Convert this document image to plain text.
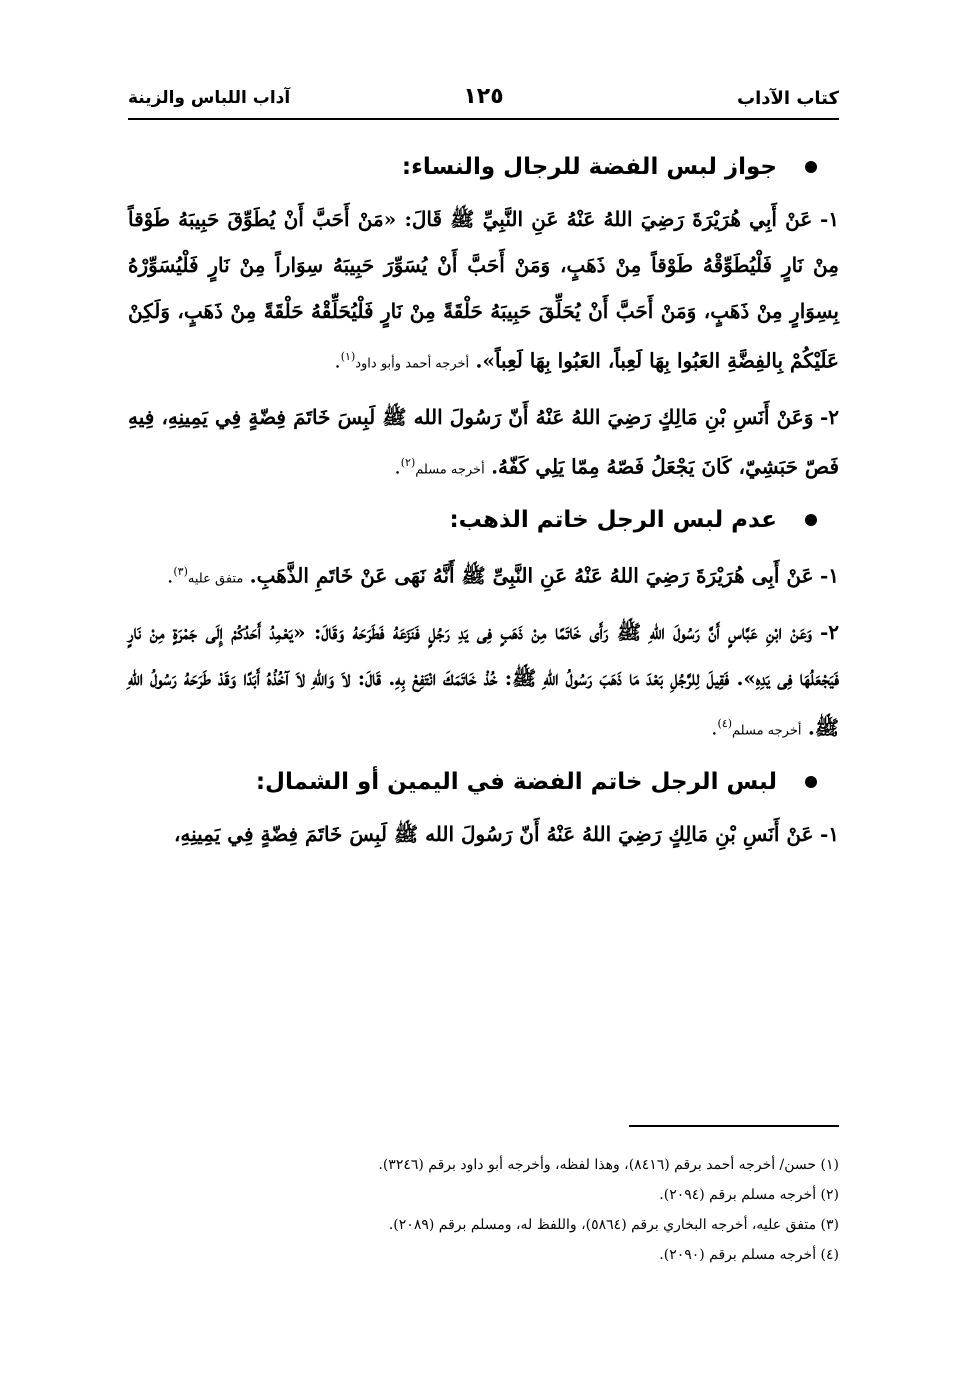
كتاب الآداب
١٢٥
آداب اللباس والزينة
جواز لبس الفضة للرجال والنساء:

١- عَنْ أَبِي هُرَيْرَةَ رَضِيَ اللهُ عَنْهُ عَنِ النَّبِيِّ ﷺ قَالَ: «مَنْ أَحَبَّ أَنْ يُطَوِّقَ حَبِيبَهُ طَوْقاً مِنْ نَارٍ فَلْيُطَوِّقْهُ طَوْقاً مِنْ ذَهَبٍ، وَمَنْ أَحَبَّ أَنْ يُسَوِّرَ حَبِيبَهُ سِوَاراً مِنْ نَارٍ فَلْيُسَوِّرْهُ بِسِوَارٍ مِنْ ذَهَبٍ، وَمَنْ أَحَبَّ أَنْ يُحَلِّقَ حَبِيبَهُ حَلْقَةً مِنْ نَارٍ فَلْيُحَلِّقْهُ حَلْقَةً مِنْ ذَهَبٍ، وَلَكِنْ عَلَيْكُمْ بِالفِضَّةِ العَبُوا بِهَا لَعِباً، العَبُوا بِهَا لَعِباً». أخرجه أحمد وأبو داود$^{(١)}$.

٢- وَعَنْ أَنَسِ بْنِ مَالِكٍ رَضِيَ اللهُ عَنْهُ أَنّ رَسُولَ الله ﷺ لَبِسَ خَاتَمَ فِضّةٍ فِي يَمِينِهِ، فِيهِ فَصّ حَبَشِيّ، كَانَ يَجْعَلُ فَصّهُ مِمّا يَلِي كَفّهُ. أخرجه مسلم$^{(٢)}$.

عدم لبس الرجل خاتم الذهب:

١- عَنْ أَبِى هُرَيْرَةَ رَضِيَ اللهُ عَنْهُ عَنِ النَّبِىِّ ﷺ أَنَّهُ نَهَى عَنْ خَاتَمِ الذَّهَبِ. متفق عليه$^{(٣)}$.

٢- وَعَنْ ابْنِ عَبَّاسٍ أَنَّ رَسُولَ اللهِ ﷺ رَأَى خَاتَمًا مِنْ ذَهَبٍ فِى يَدِ رَجُلٍ فَنَزَعَهُ فَطَرَحَهُ وَقَالَ: «يَعْمِدُ أَحَدُكُمْ إِلَى جَمْرَةٍ مِنْ نَارٍ فَيَجْعَلُهَا فِى يَدِهِ». فَقِيلَ لِلرَّجُلِ بَعْدَ مَا ذَهَبَ رَسُولُ اللهِ ﷺ: خُذْ خَاتَمَكَ انْتَفِعْ بِهِ. قَالَ: لاَ وَاللهِ لاَ آخُذُهُ أَبَدًا وَقَدْ طَرَحَهُ رَسُولُ اللهِ ﷺ. أخرجه مسلم$^{(٤)}$.

لبس الرجل خاتم الفضة في اليمين أو الشمال:

١- عَنْ أَنَسِ بْنِ مَالِكٍ رَضِيَ اللهُ عَنْهُ أَنّ رَسُولَ الله ﷺ لَبِسَ خَاتَمَ فِضّةٍ فِي يَمِينِهِ،

(١) حسن/ أخرجه أحمد برقم (٨٤١٦)، وهذا لفظه، وأخرجه أبو داود برقم (٣٢٤٦).

(٢) أخرجه مسلم برقم (٢٠٩٤).

(٣) متفق عليه، أخرجه البخاري برقم (٥٨٦٤)، واللفظ له، ومسلم برقم (٢٠٨٩).

(٤) أخرجه مسلم برقم (٢٠٩٠).
